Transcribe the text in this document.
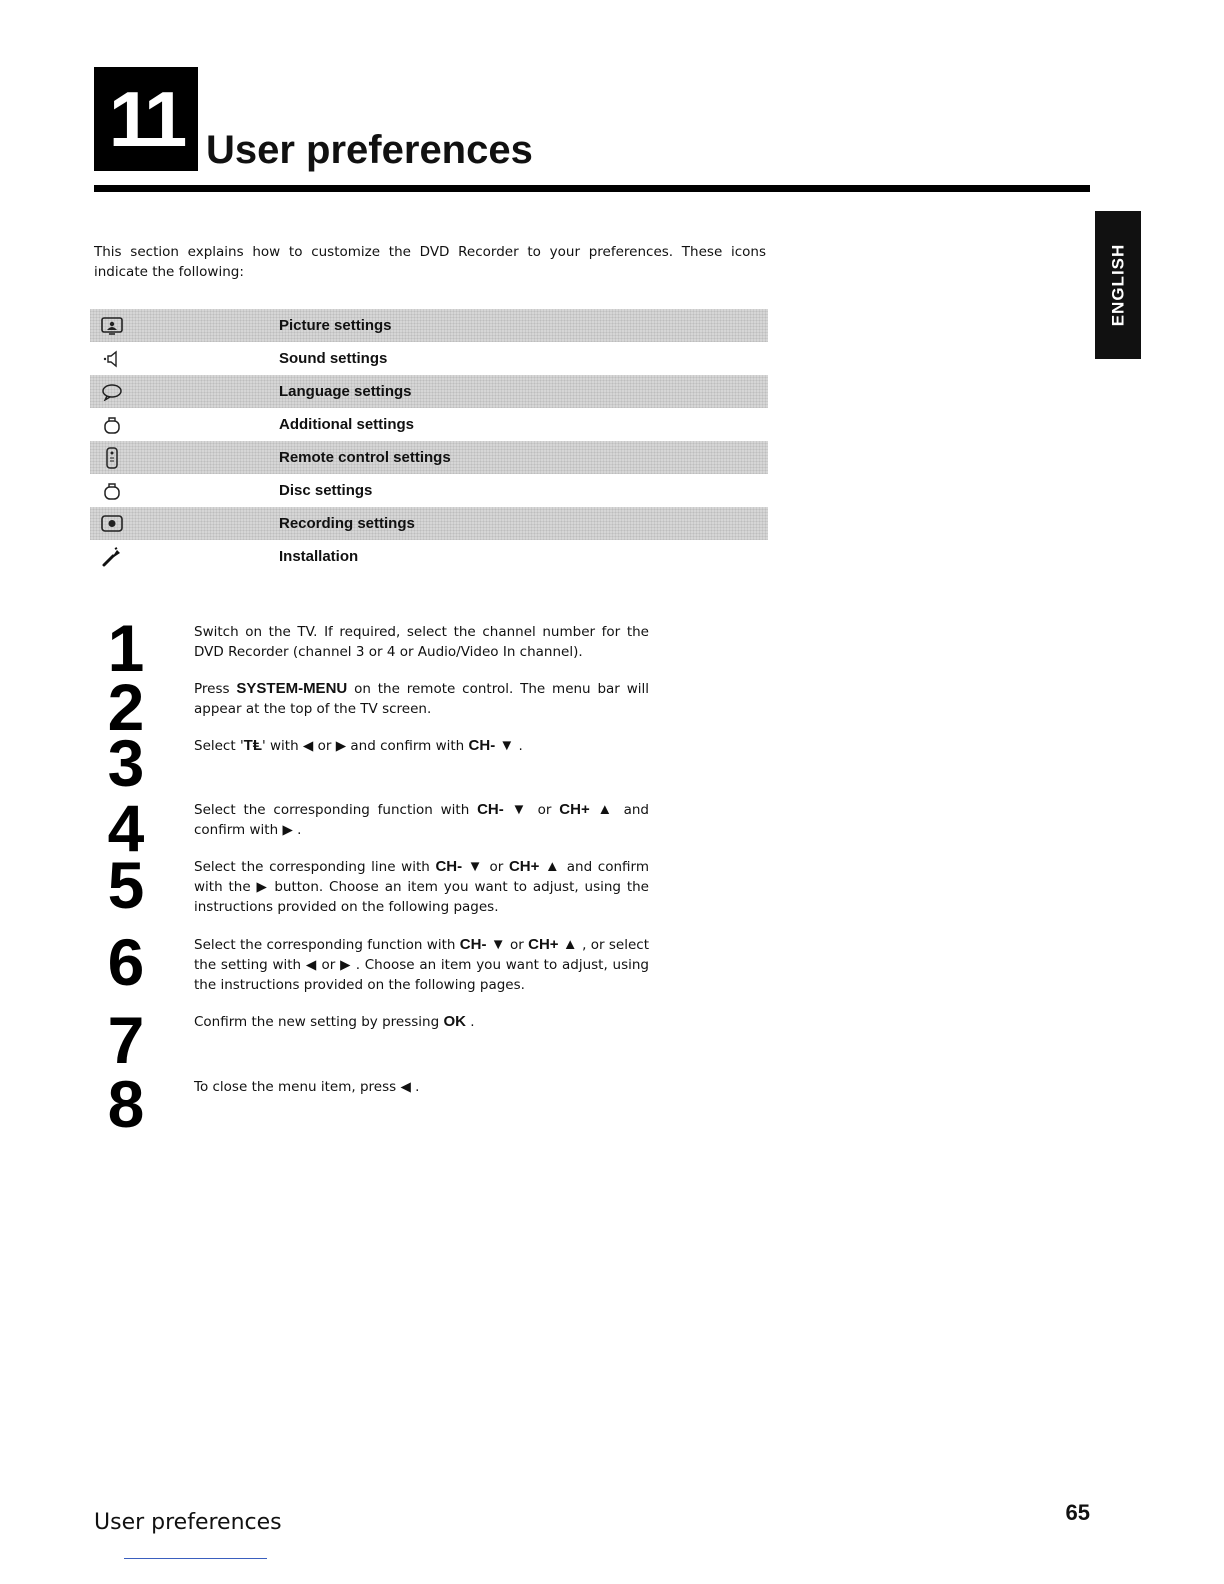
11 User preferences
ENGLISH
This section explains how to customize the DVD Recorder to your preferences. These icons indicate the following:
Picture settings
Sound settings
Language settings
Additional settings
Remote control settings
Disc settings
Recording settings
Installation
1	Switch on the TV. If required, select the channel number for the DVD Recorder (channel 3 or 4 or Audio/Video In channel).
2	Press SYSTEM-MENU on the remote control. The menu bar will appear at the top of the TV screen.
3	Select 'TⱠ' with ◀ or ▶ and confirm with CH- ▼ .
4	Select the corresponding function with CH- ▼ or CH+ ▲ and confirm with ▶ .
5	Select the corresponding line with CH- ▼ or CH+ ▲ and confirm with the ▶ button. Choose an item you want to adjust, using the instructions provided on the following pages.
6	Select the corresponding function with CH- ▼ or CH+ ▲ , or select the setting with ◀ or ▶ . Choose an item you want to adjust, using the instructions provided on the following pages.
7	Confirm the new setting by pressing OK .
8	To close the menu item, press ◀ .
User preferences	65
